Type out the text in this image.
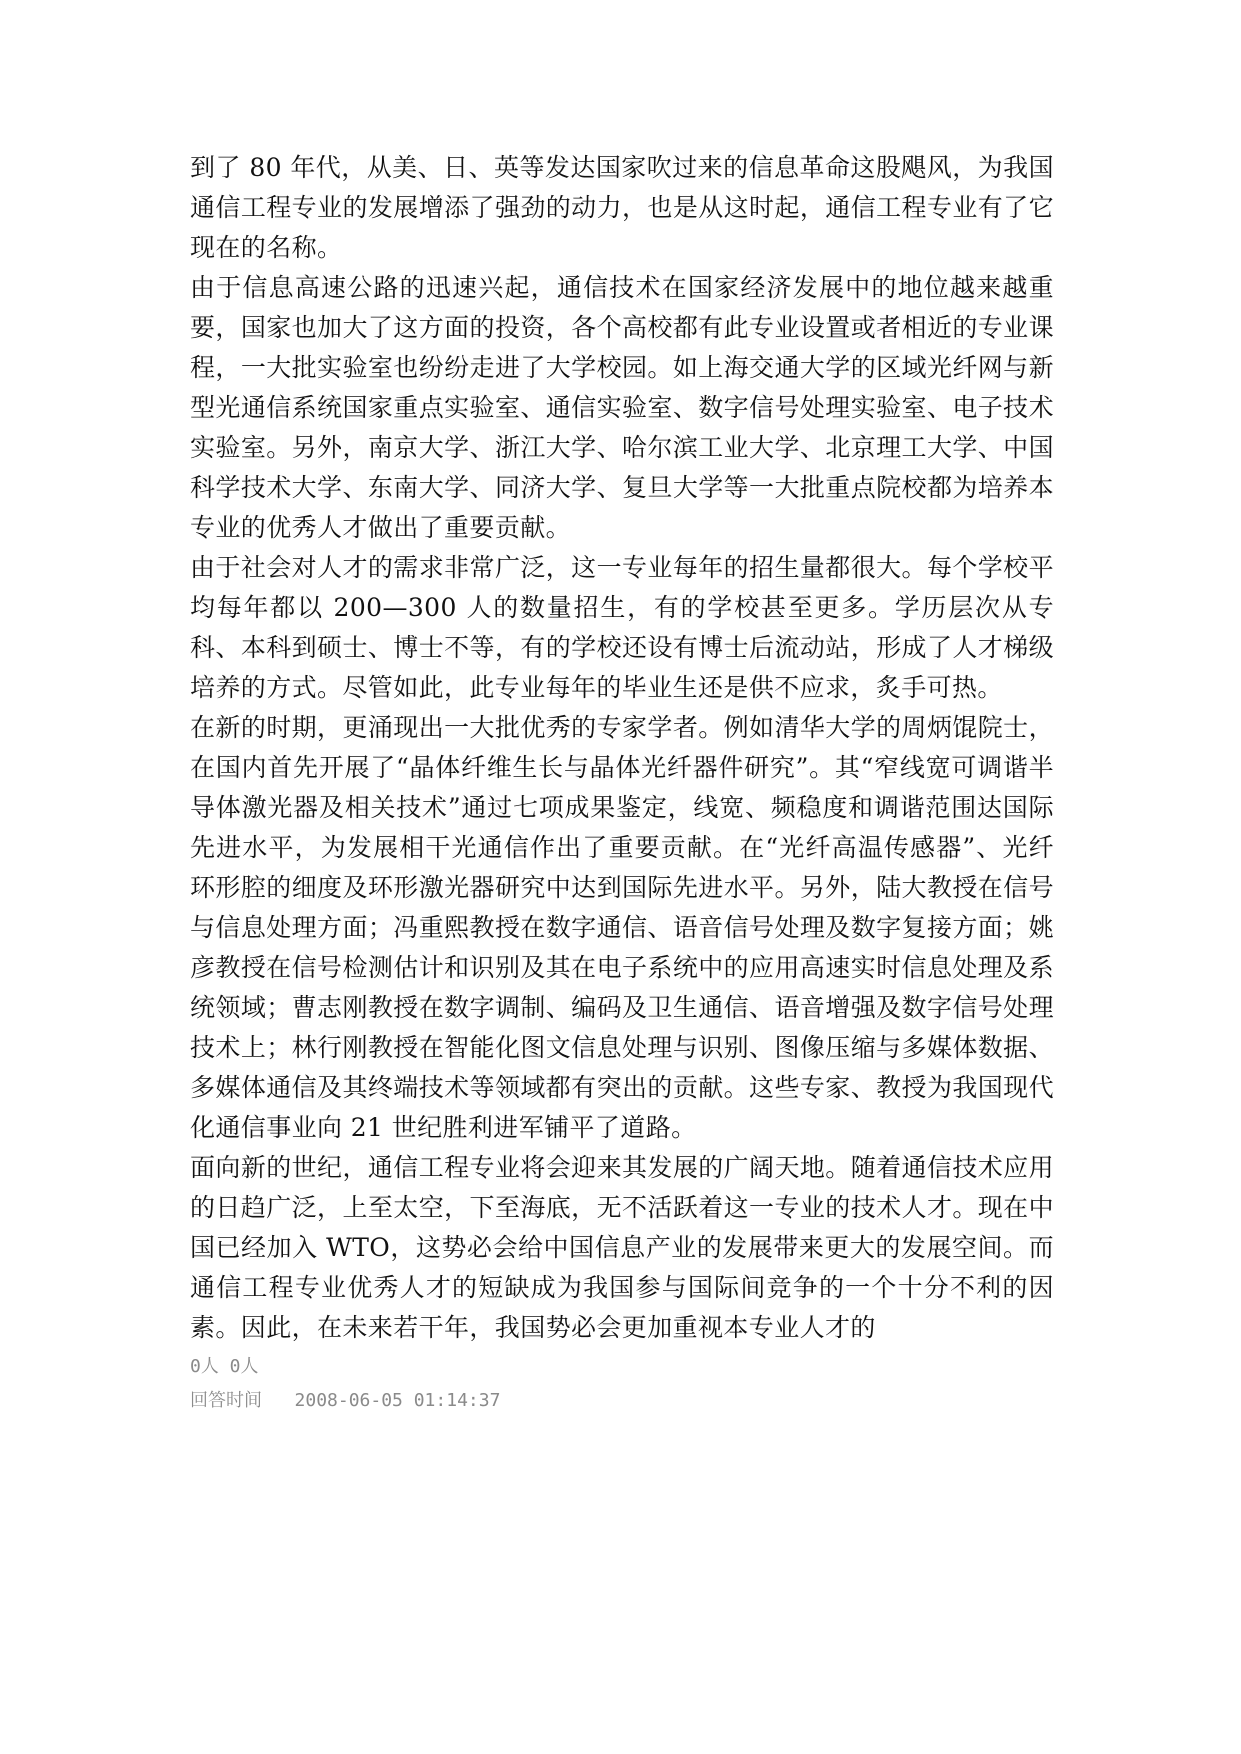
到了 80 年代，从美、日、英等发达国家吹过来的信息革命这股飓风，为我国通信工程专业的发展增添了强劲的动力，也是从这时起，通信工程专业有了它现在的名称。

由于信息高速公路的迅速兴起，通信技术在国家经济发展中的地位越来越重要，国家也加大了这方面的投资，各个高校都有此专业设置或者相近的专业课程，一大批实验室也纷纷走进了大学校园。如上海交通大学的区域光纤网与新型光通信系统国家重点实验室、通信实验室、数字信号处理实验室、电子技术实验室。另外，南京大学、浙江大学、哈尔滨工业大学、北京理工大学、中国科学技术大学、东南大学、同济大学、复旦大学等一大批重点院校都为培养本专业的优秀人才做出了重要贡献。

由于社会对人才的需求非常广泛，这一专业每年的招生量都很大。每个学校平均每年都以 200—300 人的数量招生，有的学校甚至更多。学历层次从专科、本科到硕士、博士不等，有的学校还设有博士后流动站，形成了人才梯级培养的方式。尽管如此，此专业每年的毕业生还是供不应求，炙手可热。

在新的时期，更涌现出一大批优秀的专家学者。例如清华大学的周炳馄院士，在国内首先开展了“晶体纤维生长与晶体光纤器件研究”。其“窄线宽可调谐半导体激光器及相关技术”通过七项成果鉴定，线宽、频稳度和调谐范围达国际先进水平，为发展相干光通信作出了重要贡献。在“光纤高温传感器”、光纤环形腔的细度及环形激光器研究中达到国际先进水平。另外，陆大教授在信号与信息处理方面；冯重熙教授在数字通信、语音信号处理及数字复接方面；姚彦教授在信号检测估计和识别及其在电子系统中的应用高速实时信息处理及系统领域；曹志刚教授在数字调制、编码及卫生通信、语音增强及数字信号处理技术上；林行刚教授在智能化图文信息处理与识别、图像压缩与多媒体数据、多媒体通信及其终端技术等领域都有突出的贡献。这些专家、教授为我国现代化通信事业向 21 世纪胜利进军铺平了道路。

面向新的世纪，通信工程专业将会迎来其发展的广阔天地。随着通信技术应用的日趋广泛，上至太空，下至海底，无不活跃着这一专业的技术人才。现在中国已经加入 WTO，这势必会给中国信息产业的发展带来更大的发展空间。而通信工程专业优秀人才的短缺成为我国参与国际间竞争的一个十分不利的因素。因此，在未来若干年，我国势必会更加重视本专业人才的

0人 0人

回答时间 2008-06-05 01:14:37
